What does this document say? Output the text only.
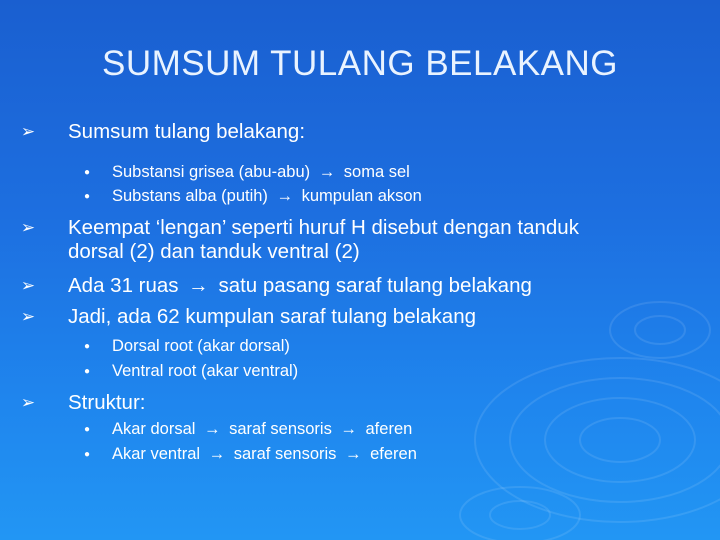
SUMSUM TULANG BELAKANG
➢ Sumsum tulang belakang:
● Substansi grisea (abu-abu) → soma sel
● Substans alba (putih) → kumpulan akson
➢ Keempat ‘lengan’ seperti huruf H disebut dengan tanduk
dorsal (2) dan tanduk ventral (2)
➢ Ada 31 ruas → satu pasang saraf tulang belakang
➢ Jadi, ada 62 kumpulan saraf tulang belakang
● Dorsal root (akar dorsal)
● Ventral root (akar ventral)
➢ Struktur:
● Akar dorsal → saraf sensoris → aferen
● Akar ventral → saraf sensoris → eferen
